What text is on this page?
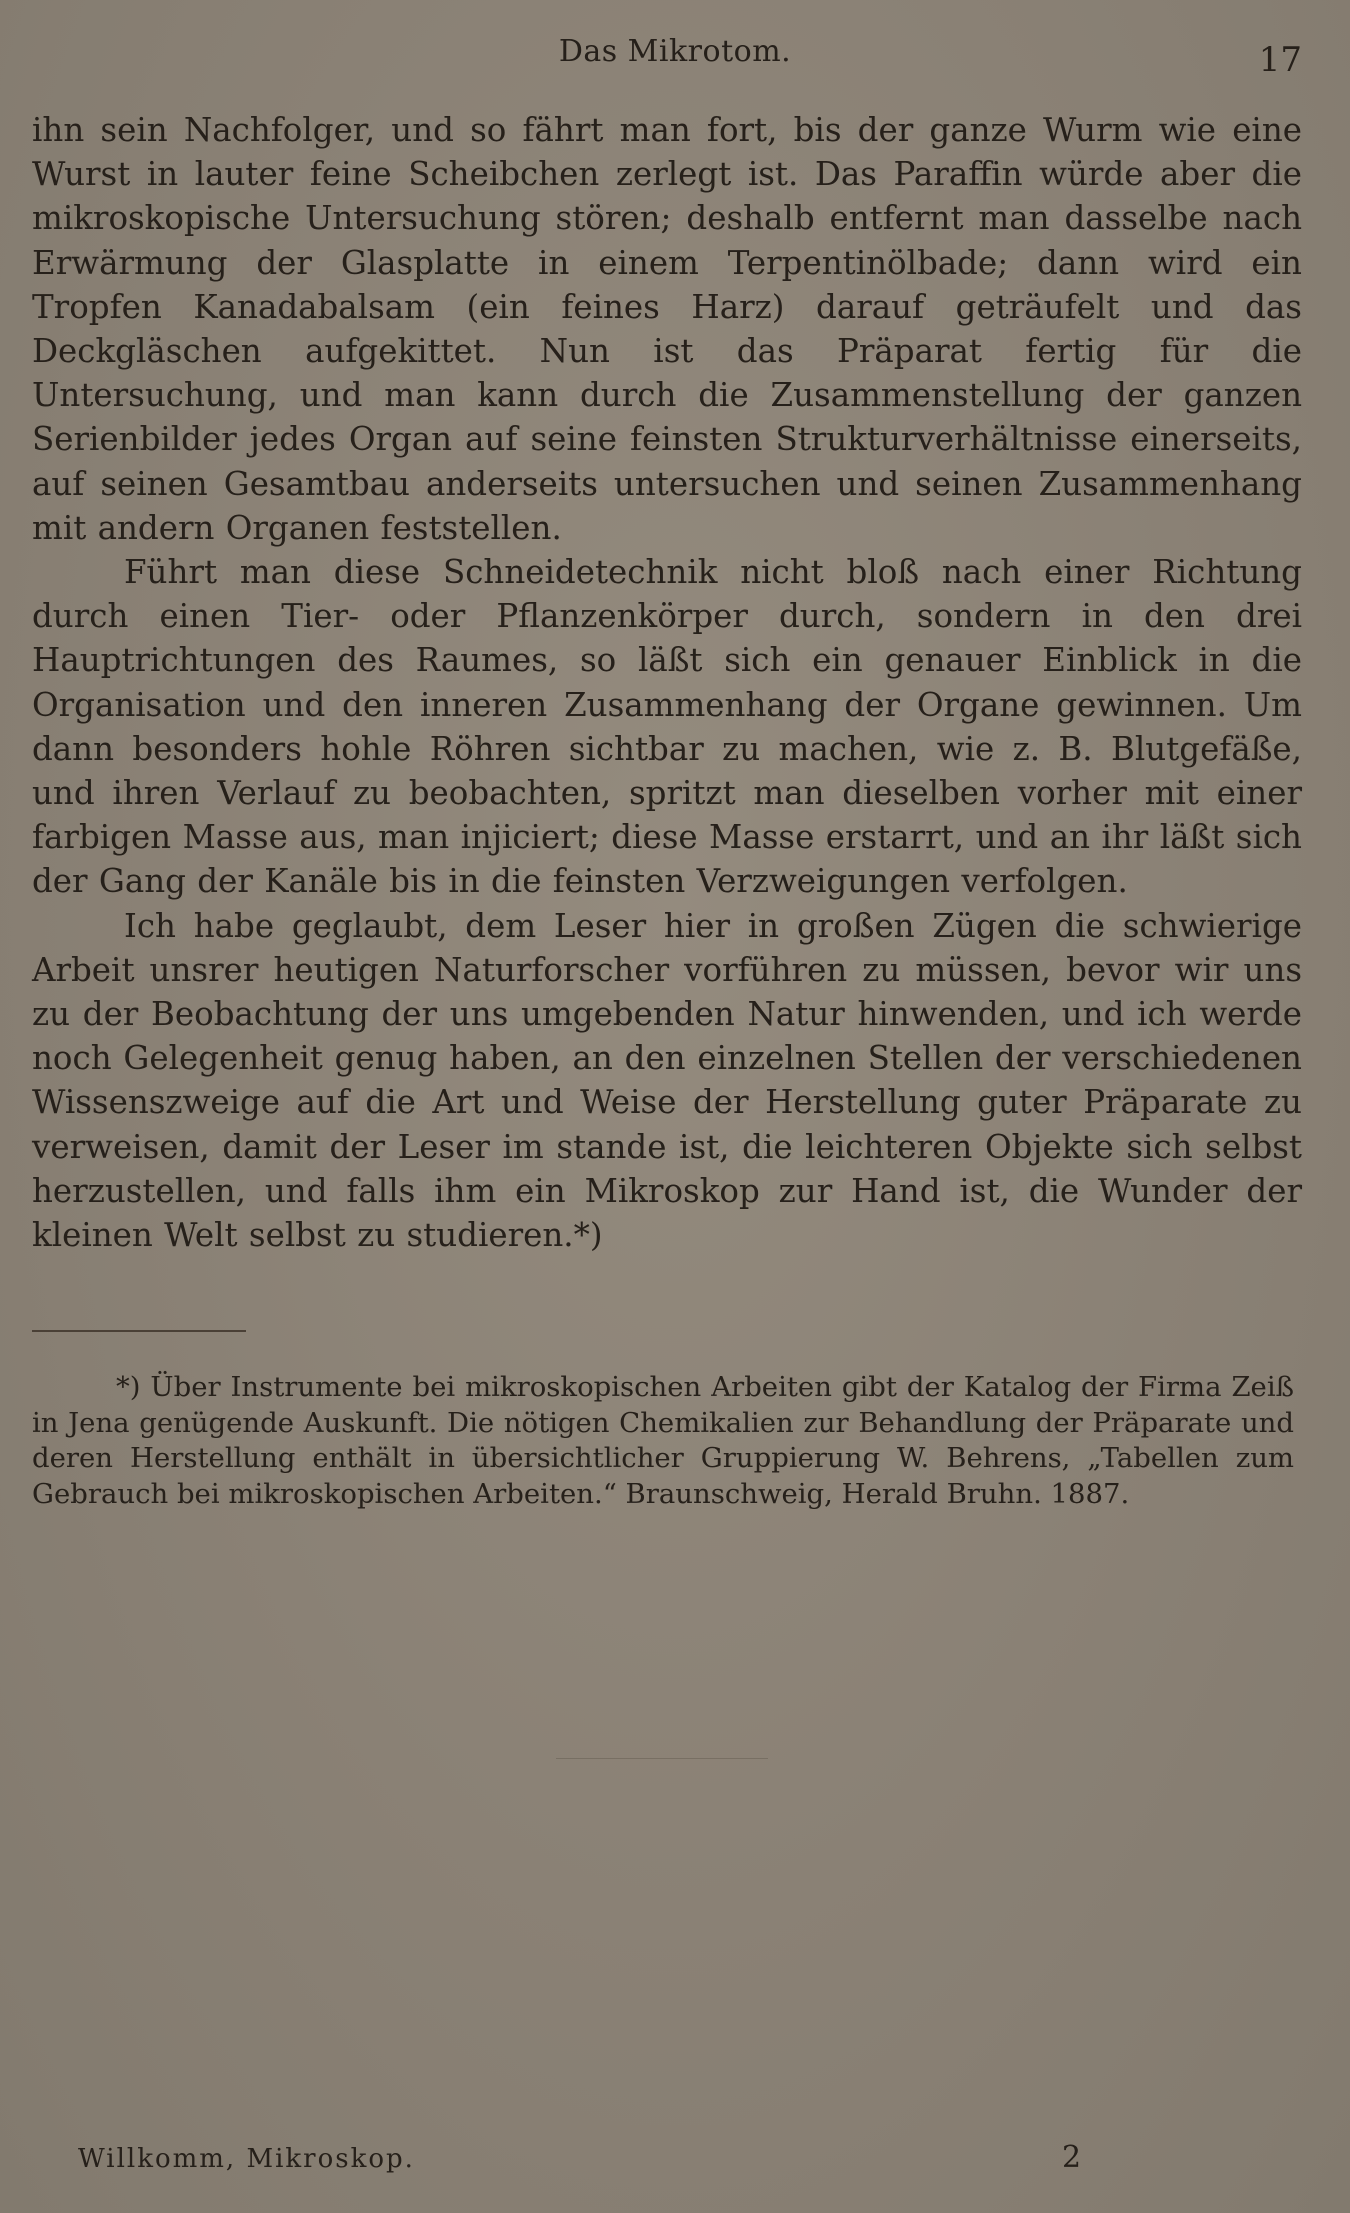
Das Mikrotom.	17

ihn sein Nachfolger, und so fährt man fort, bis der ganze Wurm wie eine Wurst in lauter feine Scheibchen zerlegt ist. Das Paraffin würde aber die mikroskopische Untersuchung stören; deshalb entfernt man dasselbe nach Erwärmung der Glasplatte in einem Terpentinölbade; dann wird ein Tropfen Kanadabalsam (ein feines Harz) darauf geträufelt und das Deckgläschen aufgekittet. Nun ist das Präparat fertig für die Untersuchung, und man kann durch die Zusammenstellung der ganzen Serienbilder jedes Organ auf seine feinsten Strukturverhältnisse einerseits, auf seinen Gesamtbau anderseits untersuchen und seinen Zusammenhang mit andern Organen feststellen.

Führt man diese Schneidetechnik nicht bloß nach einer Richtung durch einen Tier- oder Pflanzenkörper durch, sondern in den drei Hauptrichtungen des Raumes, so läßt sich ein genauer Einblick in die Organisation und den inneren Zusammenhang der Organe gewinnen. Um dann besonders hohle Röhren sichtbar zu machen, wie z. B. Blutgefäße, und ihren Verlauf zu beobachten, spritzt man dieselben vorher mit einer farbigen Masse aus, man injiciert; diese Masse erstarrt, und an ihr läßt sich der Gang der Kanäle bis in die feinsten Verzweigungen verfolgen.

Ich habe geglaubt, dem Leser hier in großen Zügen die schwierige Arbeit unsrer heutigen Naturforscher vorführen zu müssen, bevor wir uns zu der Beobachtung der uns umgebenden Natur hinwenden, und ich werde noch Gelegenheit genug haben, an den einzelnen Stellen der verschiedenen Wissenszweige auf die Art und Weise der Herstellung guter Präparate zu verweisen, damit der Leser im stande ist, die leichteren Objekte sich selbst herzustellen, und falls ihm ein Mikroskop zur Hand ist, die Wunder der kleinen Welt selbst zu studieren.*)

*) Über Instrumente bei mikroskopischen Arbeiten gibt der Katalog der Firma Zeiß in Jena genügende Auskunft. Die nötigen Chemikalien zur Behandlung der Präparate und deren Herstellung enthält in übersichtlicher Gruppierung W. Behrens, „Tabellen zum Gebrauch bei mikroskopischen Arbeiten.“ Braunschweig, Herald Bruhn. 1887.
Willkomm, Mikroskop.	2
